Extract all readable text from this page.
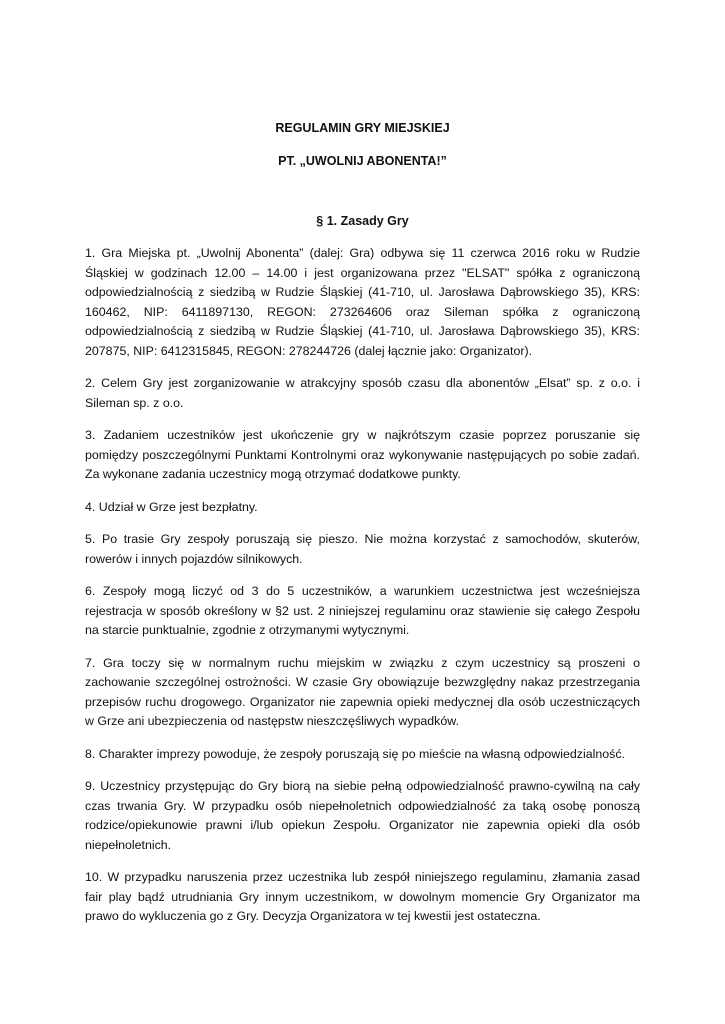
REGULAMIN GRY MIEJSKIEJ
PT. „UWOLNIJ ABONENTA!”
§ 1. Zasady Gry

1. Gra Miejska pt. „Uwolnij Abonenta” (dalej: Gra) odbywa się 11 czerwca 2016 roku w Rudzie Śląskiej w godzinach 12.00 – 14.00 i jest organizowana przez "ELSAT" spółka z ograniczoną odpowiedzialnością z siedzibą w Rudzie Śląskiej (41-710, ul. Jarosława Dąbrowskiego 35), KRS: 160462, NIP: 6411897130, REGON: 273264606 oraz Sileman spółka z ograniczoną odpowiedzialnością z siedzibą w Rudzie Śląskiej (41-710, ul. Jarosława Dąbrowskiego 35), KRS: 207875, NIP: 6412315845, REGON: 278244726 (dalej łącznie jako: Organizator).

2. Celem Gry jest zorganizowanie w atrakcyjny sposób czasu dla abonentów „Elsat” sp. z o.o. i Sileman sp. z o.o.

3. Zadaniem uczestników jest ukończenie gry w najkrótszym czasie poprzez poruszanie się pomiędzy poszczególnymi Punktami Kontrolnymi oraz wykonywanie następujących po sobie zadań. Za wykonane zadania uczestnicy mogą otrzymać dodatkowe punkty.

4. Udział w Grze jest bezpłatny.

5. Po trasie Gry zespoły poruszają się pieszo. Nie można korzystać z samochodów, skuterów, rowerów i innych pojazdów silnikowych.

6. Zespoły mogą liczyć od 3 do 5 uczestników, a warunkiem uczestnictwa jest wcześniejsza rejestracja w sposób określony w §2 ust. 2 niniejszej regulaminu oraz stawienie się całego Zespołu na starcie punktualnie, zgodnie z otrzymanymi wytycznymi.

7. Gra toczy się w normalnym ruchu miejskim w związku z czym uczestnicy są proszeni o zachowanie szczególnej ostrożności. W czasie Gry obowiązuje bezwzględny nakaz przestrzegania przepisów ruchu drogowego. Organizator nie zapewnia opieki medycznej dla osób uczestniczących w Grze ani ubezpieczenia od następstw nieszczęśliwych wypadków.

8. Charakter imprezy powoduje, że zespoły poruszają się po mieście na własną odpowiedzialność.

9. Uczestnicy przystępując do Gry biorą na siebie pełną odpowiedzialność prawno-cywilną na cały czas trwania Gry. W przypadku osób niepełnoletnich odpowiedzialność za taką osobę ponoszą rodzice/opiekunowie prawni i/lub opiekun Zespołu. Organizator nie zapewnia opieki dla osób niepełnoletnich.

10. W przypadku naruszenia przez uczestnika lub zespół niniejszego regulaminu, złamania zasad fair play bądź utrudniania Gry innym uczestnikom, w dowolnym momencie Gry Organizator ma prawo do wykluczenia go z Gry. Decyzja Organizatora w tej kwestii jest ostateczna.
